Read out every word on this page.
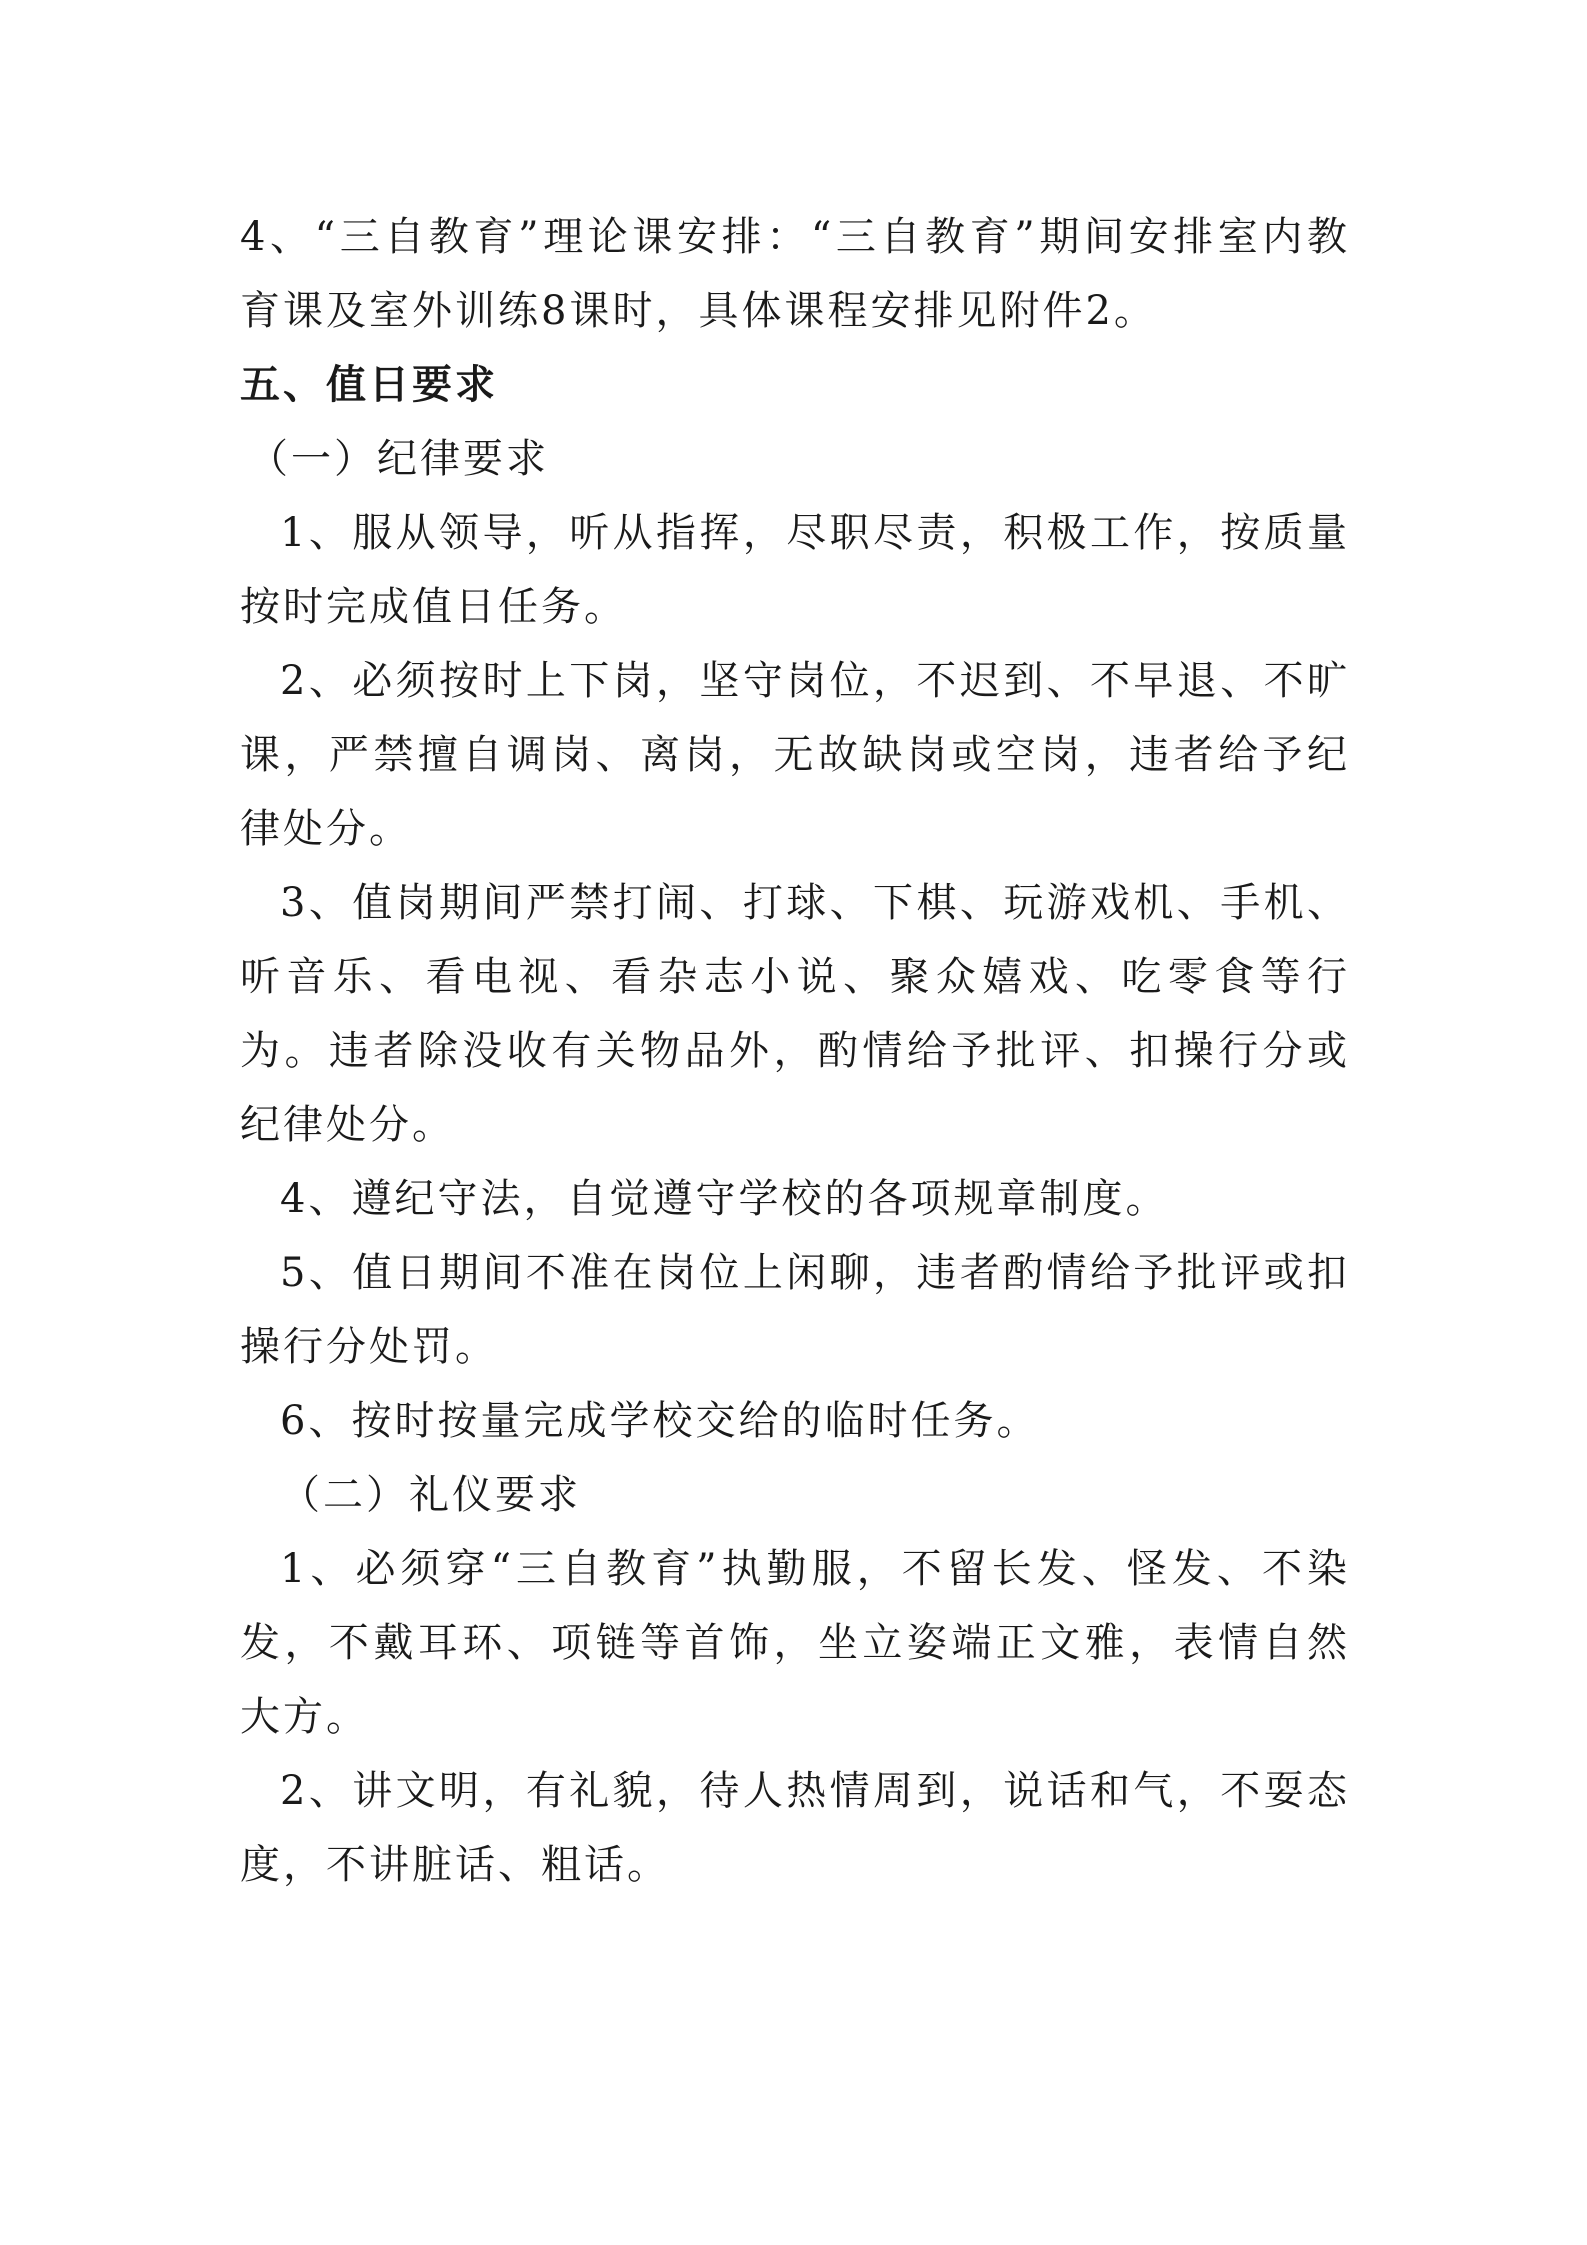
4、“三自教育”理论课安排：“三自教育”期间安排室内教育课及室外训练8课时，具体课程安排见附件2。

五、值日要求

（一）纪律要求

1、服从领导，听从指挥，尽职尽责，积极工作，按质量按时完成值日任务。

2、必须按时上下岗，坚守岗位，不迟到、不早退、不旷课，严禁擅自调岗、离岗，无故缺岗或空岗，违者给予纪律处分。

3、值岗期间严禁打闹、打球、下棋、玩游戏机、手机、听音乐、看电视、看杂志小说、聚众嬉戏、吃零食等行为。违者除没收有关物品外，酌情给予批评、扣操行分或纪律处分。

4、遵纪守法，自觉遵守学校的各项规章制度。

5、值日期间不准在岗位上闲聊，违者酌情给予批评或扣操行分处罚。

6、按时按量完成学校交给的临时任务。

（二）礼仪要求

1、必须穿“三自教育”执勤服，不留长发、怪发、不染发，不戴耳环、项链等首饰，坐立姿端正文雅，表情自然大方。

2、讲文明，有礼貌，待人热情周到，说话和气，不耍态度，不讲脏话、粗话。
